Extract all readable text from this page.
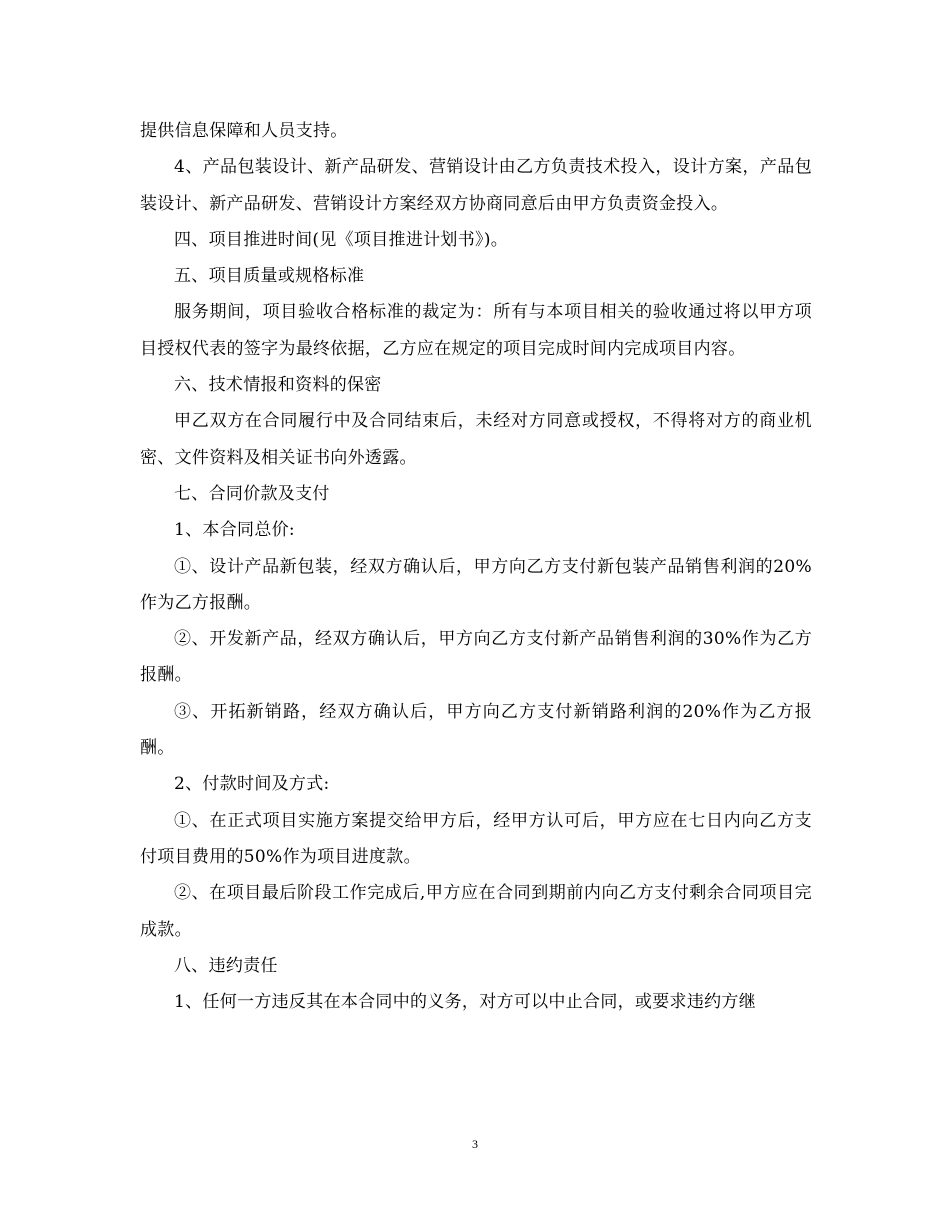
提供信息保障和人员支持。

4、产品包装设计、新产品研发、营销设计由乙方负责技术投入，设计方案，产品包装设计、新产品研发、营销设计方案经双方协商同意后由甲方负责资金投入。

四、项目推进时间(见《项目推进计划书》)。

五、项目质量或规格标准

服务期间，项目验收合格标准的裁定为：所有与本项目相关的验收通过将以甲方项目授权代表的签字为最终依据，乙方应在规定的项目完成时间内完成项目内容。

六、技术情报和资料的保密

甲乙双方在合同履行中及合同结束后，未经对方同意或授权，不得将对方的商业机密、文件资料及相关证书向外透露。

七、合同价款及支付

1、本合同总价:

①、设计产品新包装，经双方确认后，甲方向乙方支付新包装产品销售利润的20%作为乙方报酬。

②、开发新产品，经双方确认后，甲方向乙方支付新产品销售利润的30%作为乙方报酬。

③、开拓新销路，经双方确认后，甲方向乙方支付新销路利润的20%作为乙方报酬。

2、付款时间及方式:

①、在正式项目实施方案提交给甲方后，经甲方认可后，甲方应在七日内向乙方支付项目费用的50%作为项目进度款。

②、在项目最后阶段工作完成后,甲方应在合同到期前内向乙方支付剩余合同项目完成款。

八、违约责任

1、任何一方违反其在本合同中的义务，对方可以中止合同，或要求违约方继

3
